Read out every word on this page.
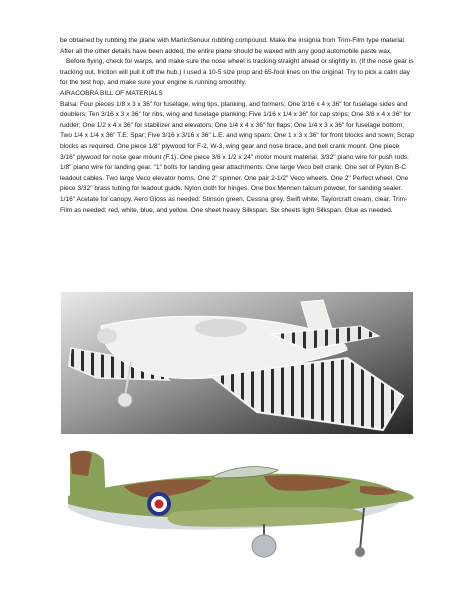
be obtained by rubbing the plane with MartinSenour rubbing compound. Make the insignia from Trim-Film type material. After all the other details have been added, the entire plane should be waxed with any good automobile paste wax.

Before flying, check for warps, and make sure the nose wheel is tracking straight ahead or slightly in. (If the nose gear is tracking out, friction will pull it off the hub.) I used a 10-5 size prop and 65-foot lines on the original. Try to pick a calm day for the test hop, and make sure your engine is running smoothly.

AIRACOBRA BILL OF MATERIALS

Balsa: Four pieces 1/8 x 3 x 36" for fuselage, wing tips, planking, and formers; One 3/16 x 4 x 36" for fuselage sides and doublers; Ten 3/16 x 3 x 36" for ribs, wing and fuselage planking; Five 1/16 x 1/4 x 36" for cap strips; One 3/8 x 4 x 36" for rudder; One 1/2 x 4 x 36" for stabilizer and elevators; One 1/4 x 4 x 36" for flaps; One 1/4 x 3 x 36" for fuselage bottom; Two 1/4 x 1/4 x 36" T.E. Spar; Five 3/16 x 3/16 x 36" L.E. and wing spars; One 1 x 3 x 36" for front blocks and sown; Scrap blocks as required. One piece 1/8" plywood for F-2, W-3, wing gear and nose brace, and bell crank mount. One piece 3/16" plywood for nose gear mount (F.1). One piece 3/8 x 1/2 x 24" motor mount material. 3/32" piano wire for push rods. 1/8" piano wire for landing gear. "1" bolts for landing gear attachments. One large Veco bell crank. One set of Pylon B-C leadout cables. Two large Veco elevator horns. One 2" spinner. One pair 2-1/2" Veco wheels. One 2" Perfect wheel. One piece 3/32" brass tubing for leadout guide. Nylon cloth for hinges. One box Mennen talcum powder, for sanding sealer. 1/16" Acetate for canopy. Aero Gloss as needed: Stinson green, Cessna grey, Swift white, Taylorcraft cream, clear. Trim-Film as needed: red, white, blue, and yellow. One sheet heavy Silkspan. Six sheets light Silkspan. Glue as needed.
